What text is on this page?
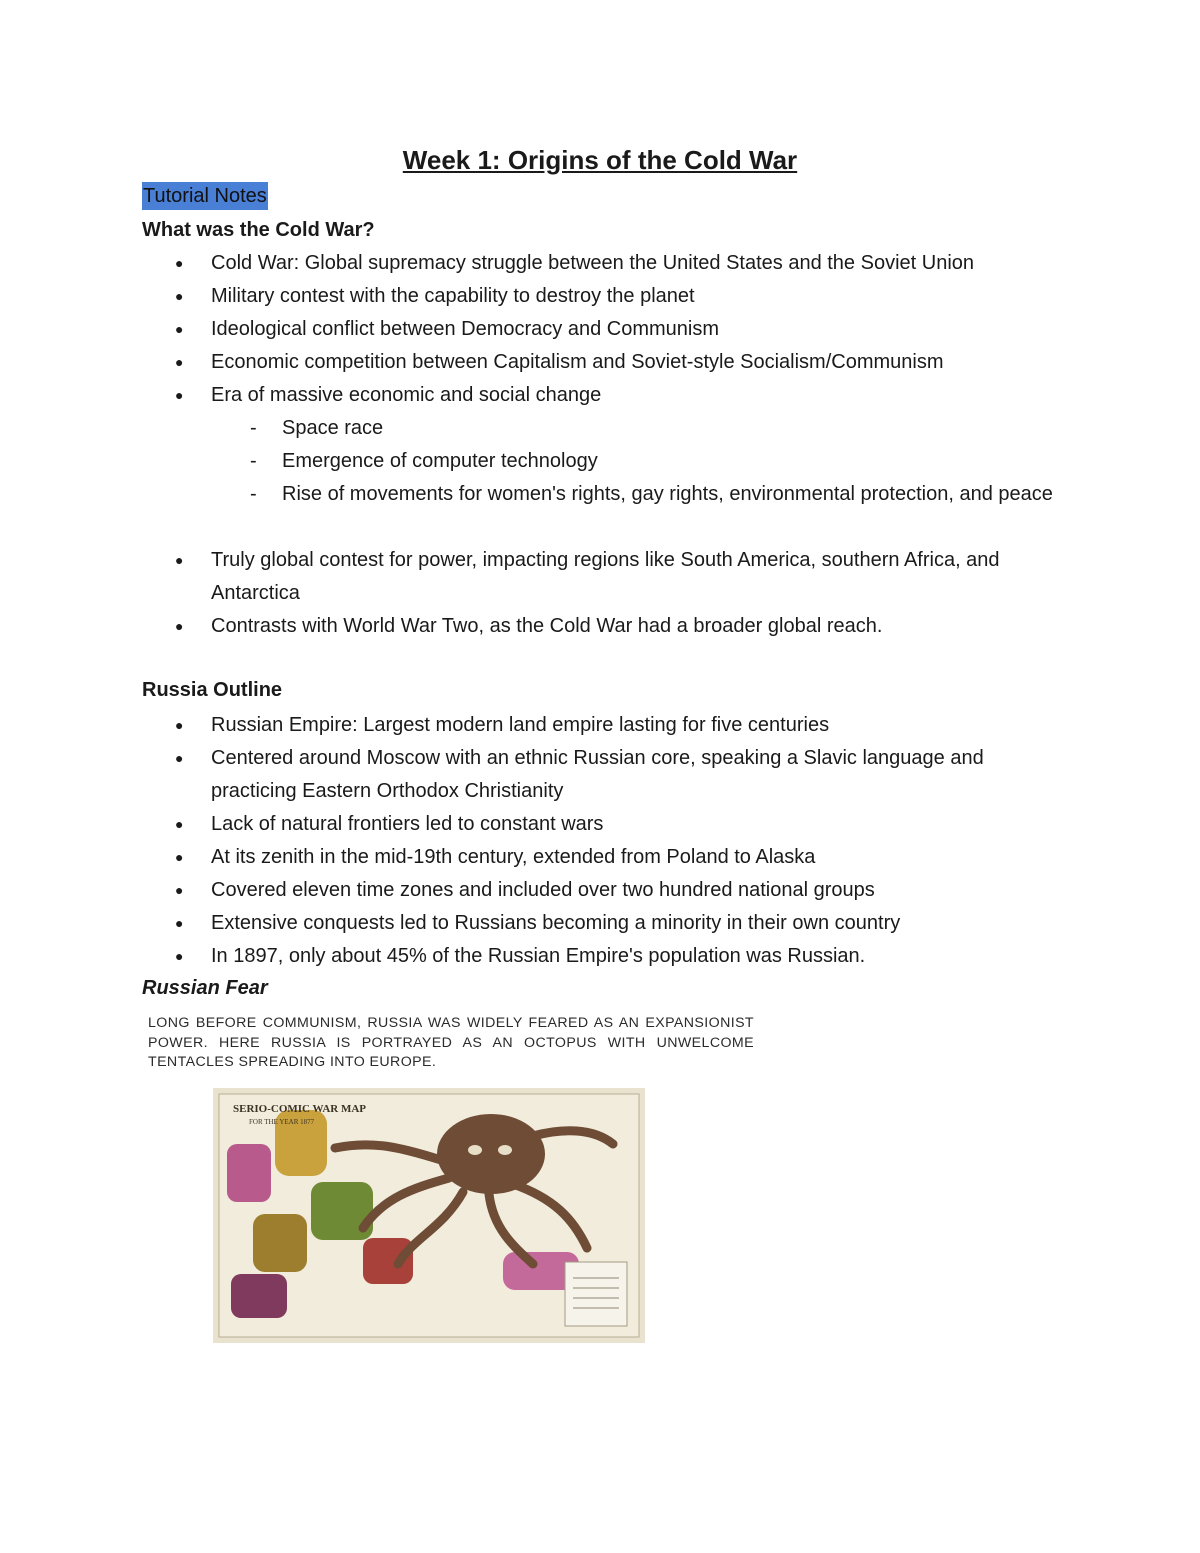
Week 1: Origins of the Cold War
Tutorial Notes
What was the Cold War?
● Cold War: Global supremacy struggle between the United States and the Soviet Union
● Military contest with the capability to destroy the planet
● Ideological conflict between Democracy and Communism
● Economic competition between Capitalism and Soviet-style Socialism/Communism
● Era of massive economic and social change
- Space race
- Emergence of computer technology
- Rise of movements for women's rights, gay rights, environmental protection, and peace
● Truly global contest for power, impacting regions like South America, southern Africa, and Antarctica
● Contrasts with World War Two, as the Cold War had a broader global reach.
Russia Outline
● Russian Empire: Largest modern land empire lasting for five centuries
● Centered around Moscow with an ethnic Russian core, speaking a Slavic language and practicing Eastern Orthodox Christianity
● Lack of natural frontiers led to constant wars
● At its zenith in the mid-19th century, extended from Poland to Alaska
● Covered eleven time zones and included over two hundred national groups
● Extensive conquests led to Russians becoming a minority in their own country
● In 1897, only about 45% of the Russian Empire's population was Russian.
Russian Fear
LONG BEFORE COMMUNISM, RUSSIA WAS WIDELY FEARED AS AN EXPANSIONIST POWER. HERE RUSSIA IS PORTRAYED AS AN OCTOPUS WITH UNWELCOME TENTACLES SPREADING INTO EUROPE.
SERIO-COMIC WAR MAP
FOR THE YEAR 1877
